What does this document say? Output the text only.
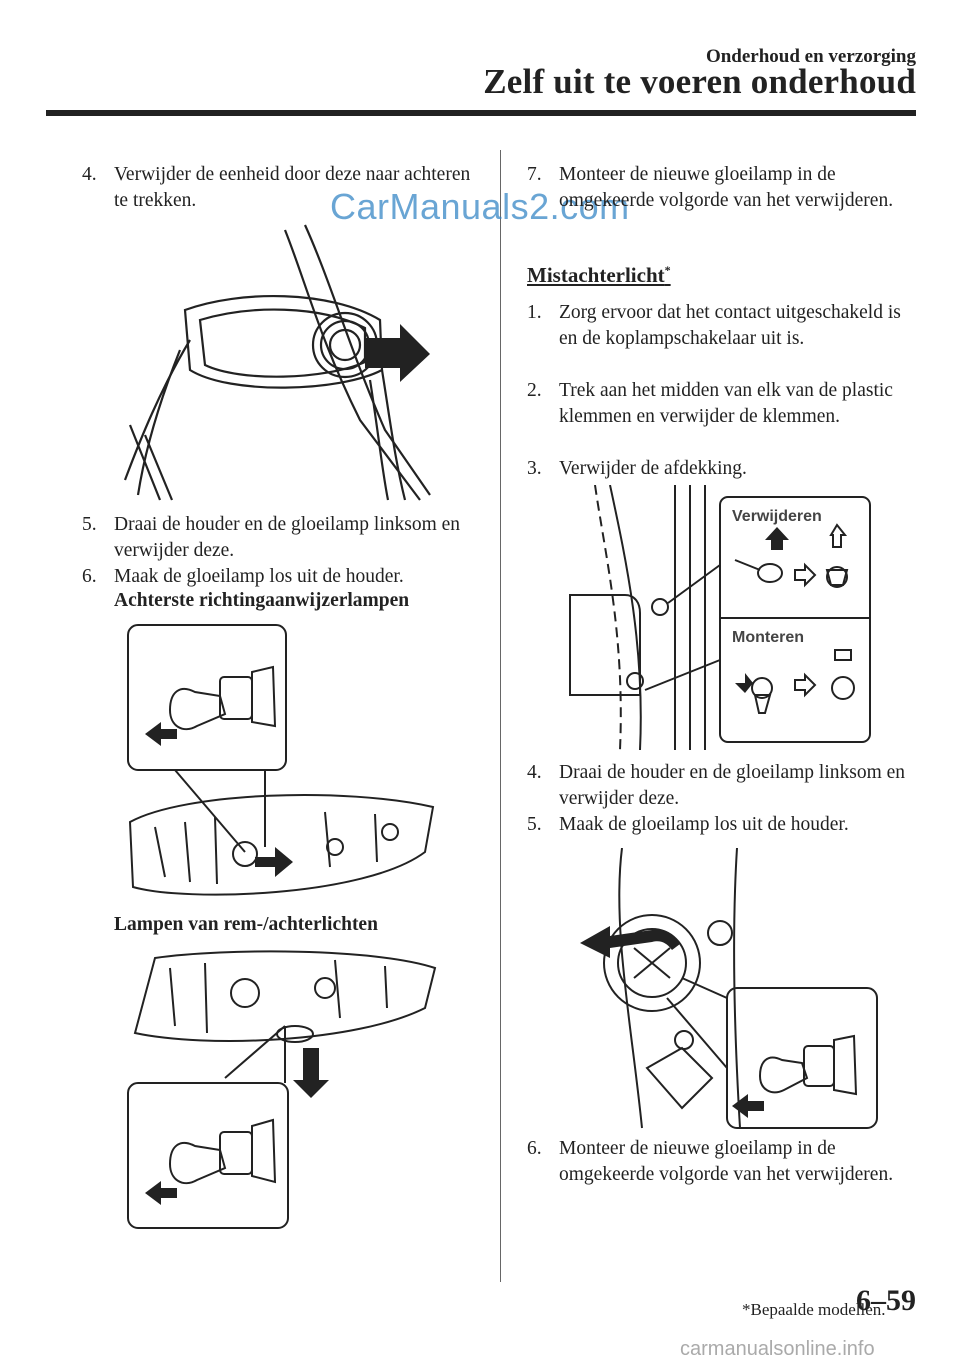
Onderhoud en verzorging
Zelf uit te voeren onderhoud
4. Verwijder de eenheid door deze naar achteren te trekken.	CarManuals2.com
5. Draai de houder en de gloeilamp linksom en verwijder deze.
6. Maak de gloeilamp los uit de houder.
Achterste richtingaanwijzerlampen
Lampen van rem-/achterlichten
7. Monteer de nieuwe gloeilamp in de omgekeerde volgorde van het verwijderen.
Mistachterlicht*
1. Zorg ervoor dat het contact uitgeschakeld is en de koplampschakelaar uit is.
2. Trek aan het midden van elk van de plastic klemmen en verwijder de klemmen.
3. Verwijder de afdekking.
Verwijderen
Monteren
4. Draai de houder en de gloeilamp linksom en verwijder deze.
5. Maak de gloeilamp los uit de houder.
6. Monteer de nieuwe gloeilamp in de omgekeerde volgorde van het verwijderen.
*Bepaalde modellen.
6–59
carmanualsonline.info
